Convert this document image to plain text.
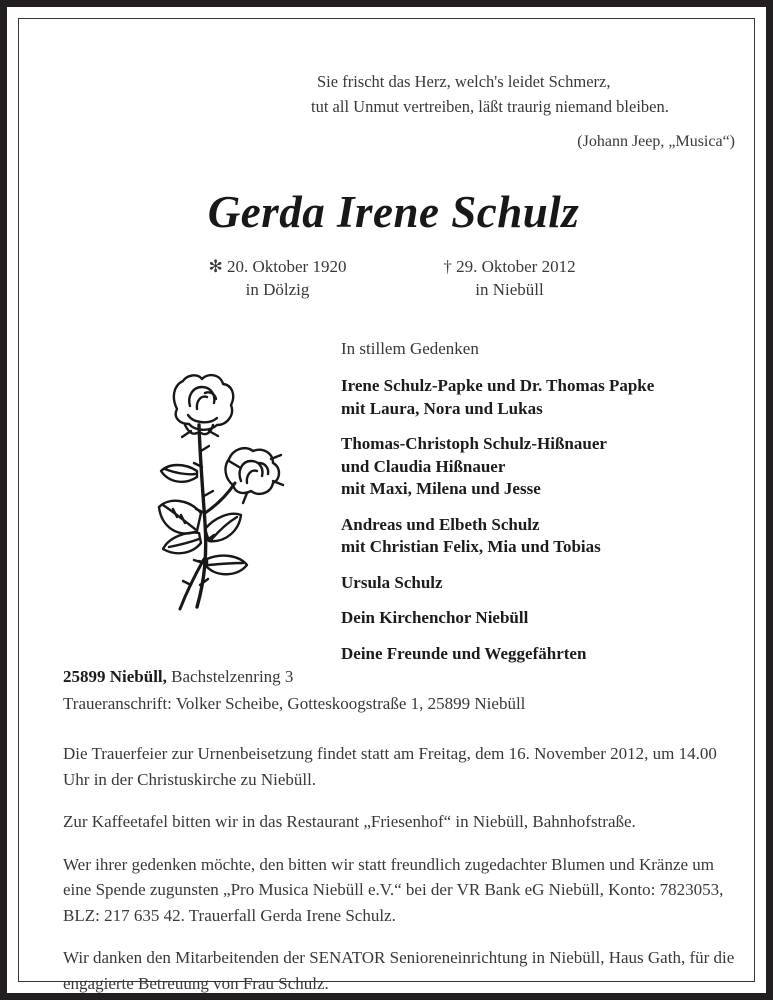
Sie frischt das Herz, welch's leidet Schmerz,
tut all Unmut vertreiben, läßt traurig niemand bleiben.
(Johann Jeep, „Musica“)
Gerda Irene Schulz
✻ 20. Oktober 1920
in Dölzig
† 29. Oktober 2012
in Niebüll
In stillem Gedenken
Irene Schulz-Papke und Dr. Thomas Papke
mit Laura, Nora und Lukas
Thomas-Christoph Schulz-Hißnauer
und Claudia Hißnauer
mit Maxi, Milena und Jesse
Andreas und Elbeth Schulz
mit Christian Felix, Mia und Tobias
Ursula Schulz
Dein Kirchenchor Niebüll
Deine Freunde und Weggefährten
25899 Niebüll, Bachstelzenring 3
Traueranschrift: Volker Scheibe, Gotteskoogstraße 1, 25899 Niebüll

Die Trauerfeier zur Urnenbeisetzung findet statt am Freitag, dem 16. November 2012, um 14.00 Uhr in der Christuskirche zu Niebüll.

Zur Kaffeetafel bitten wir in das Restaurant „Friesenhof“ in Niebüll, Bahnhofstraße.

Wer ihrer gedenken möchte, den bitten wir statt freundlich zugedachter Blumen und Kränze um eine Spende zugunsten „Pro Musica Niebüll e.V.“ bei der VR Bank eG Niebüll, Konto: 7823053, BLZ: 217 635 42. Trauerfall Gerda Irene Schulz.

Wir danken den Mitarbeitenden der SENATOR Senioreneinrichtung in Niebüll, Haus Gath, für die engagierte Betreuung von Frau Schulz.
